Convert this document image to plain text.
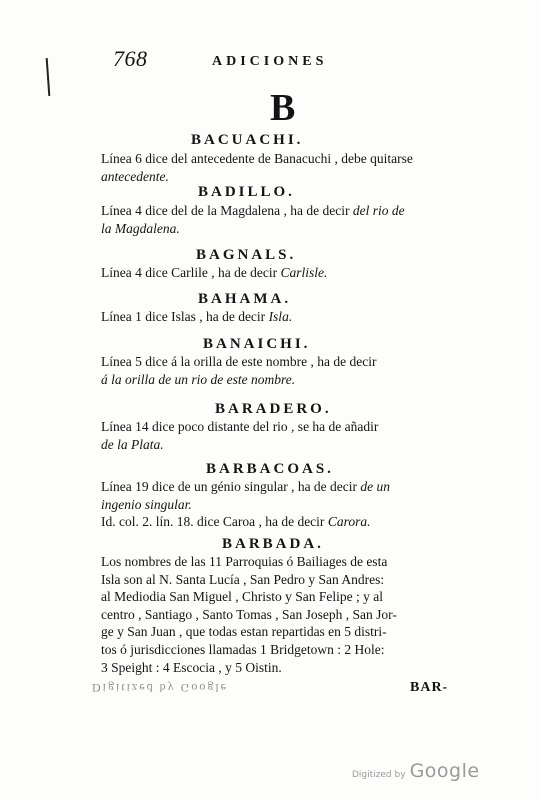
768	ADICIONES
B
BACUACHI.
Línea 6 dice del antecedente de Banacuchi , debe quitarse
antecedente.
BADILLO.
Línea 4 dice del de la Magdalena , ha de decir del rio de
la Magdalena.
BAGNALS.
Línea 4 dice Carlile , ha de decir Carlisle.
BAHAMA.
Línea 1 dice Islas , ha de decir Isla.
BANAICHI.
Línea 5 dice á la orilla de este nombre , ha de decir
á la orilla de un rio de este nombre.
BARADERO.
Línea 14 dice poco distante del rio , se ha de añadir
de la Plata.
BARBACOAS.
Línea 19 dice de un génio singular , ha de decir de un
ingenio singular.
Id. col. 2. lín. 18. dice Caroa , ha de decir Carora.
BARBADA.
Los nombres de las 11 Parroquias ó Bailiages de esta
Isla son al N. Santa Lucía , San Pedro y San Andres:
al Mediodia San Miguel , Christo y San Felipe ; y al
centro , Santiago , Santo Tomas , San Joseph , San Jor-
ge y San Juan , que todas estan repartidas en 5 distri-
tos ó jurisdicciones llamadas 1 Bridgetown : 2 Hole:
3 Speight : 4 Escocia , y 5 Oistin.
Digitized by Google	BAR-
Digitized by Google
